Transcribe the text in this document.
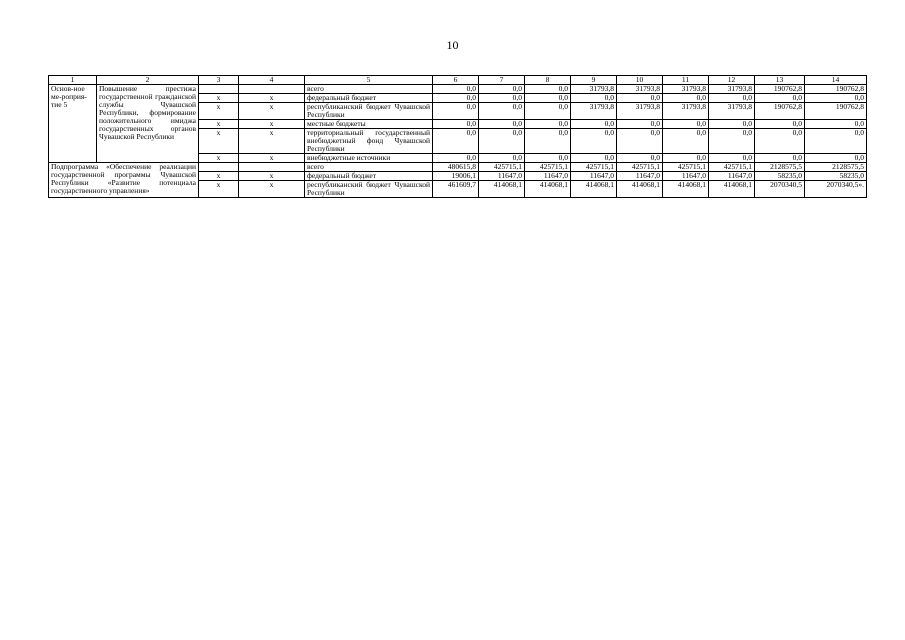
10
1	2	3	4	5	6	7	8	9	10	11	12	13	14
Основ-ное ме-роприя-тие 5	Повышение престижа государственной гражданской службы Чувашской Республики, формирование положительного имиджа государственных органов Чувашской Республики			всего	0,0	0,0	0,0	31793,8	31793,8	31793,8	31793,8	190762,8	190762,8
		x	x	федеральный бюджет	0,0	0,0	0,0	0,0	0,0	0,0	0,0	0,0	0,0
		x	x	республиканский бюджет Чувашской Республики	0,0	0,0	0,0	31793,8	31793,8	31793,8	31793,8	190762,8	190762,8
		x	x	местные бюджеты	0,0	0,0	0,0	0,0	0,0	0,0	0,0	0,0	0,0
		x	x	территориальный государственный внебюджетный фонд Чувашской Республики	0,0	0,0	0,0	0,0	0,0	0,0	0,0	0,0	0,0
		x	x	внебюджетные источники	0,0	0,0	0,0	0,0	0,0	0,0	0,0	0,0	0,0
Подпрограмма «Обеспечение реализации государственной программы Чувашской Республики «Развитие потенциала государственного управления»				всего	480615,8	425715,1	425715,1	425715,1	425715,1	425715,1	425715,1	2128575,5	2128575,5
		x	x	федеральный бюджет	19006,1	11647,0	11647,0	11647,0	11647,0	11647,0	11647,0	58235,0	58235,0
		x	x	республиканский бюджет Чувашской Республики	461609,7	414068,1	414068,1	414068,1	414068,1	414068,1	414068,1	2070340,5	2070340,5».
